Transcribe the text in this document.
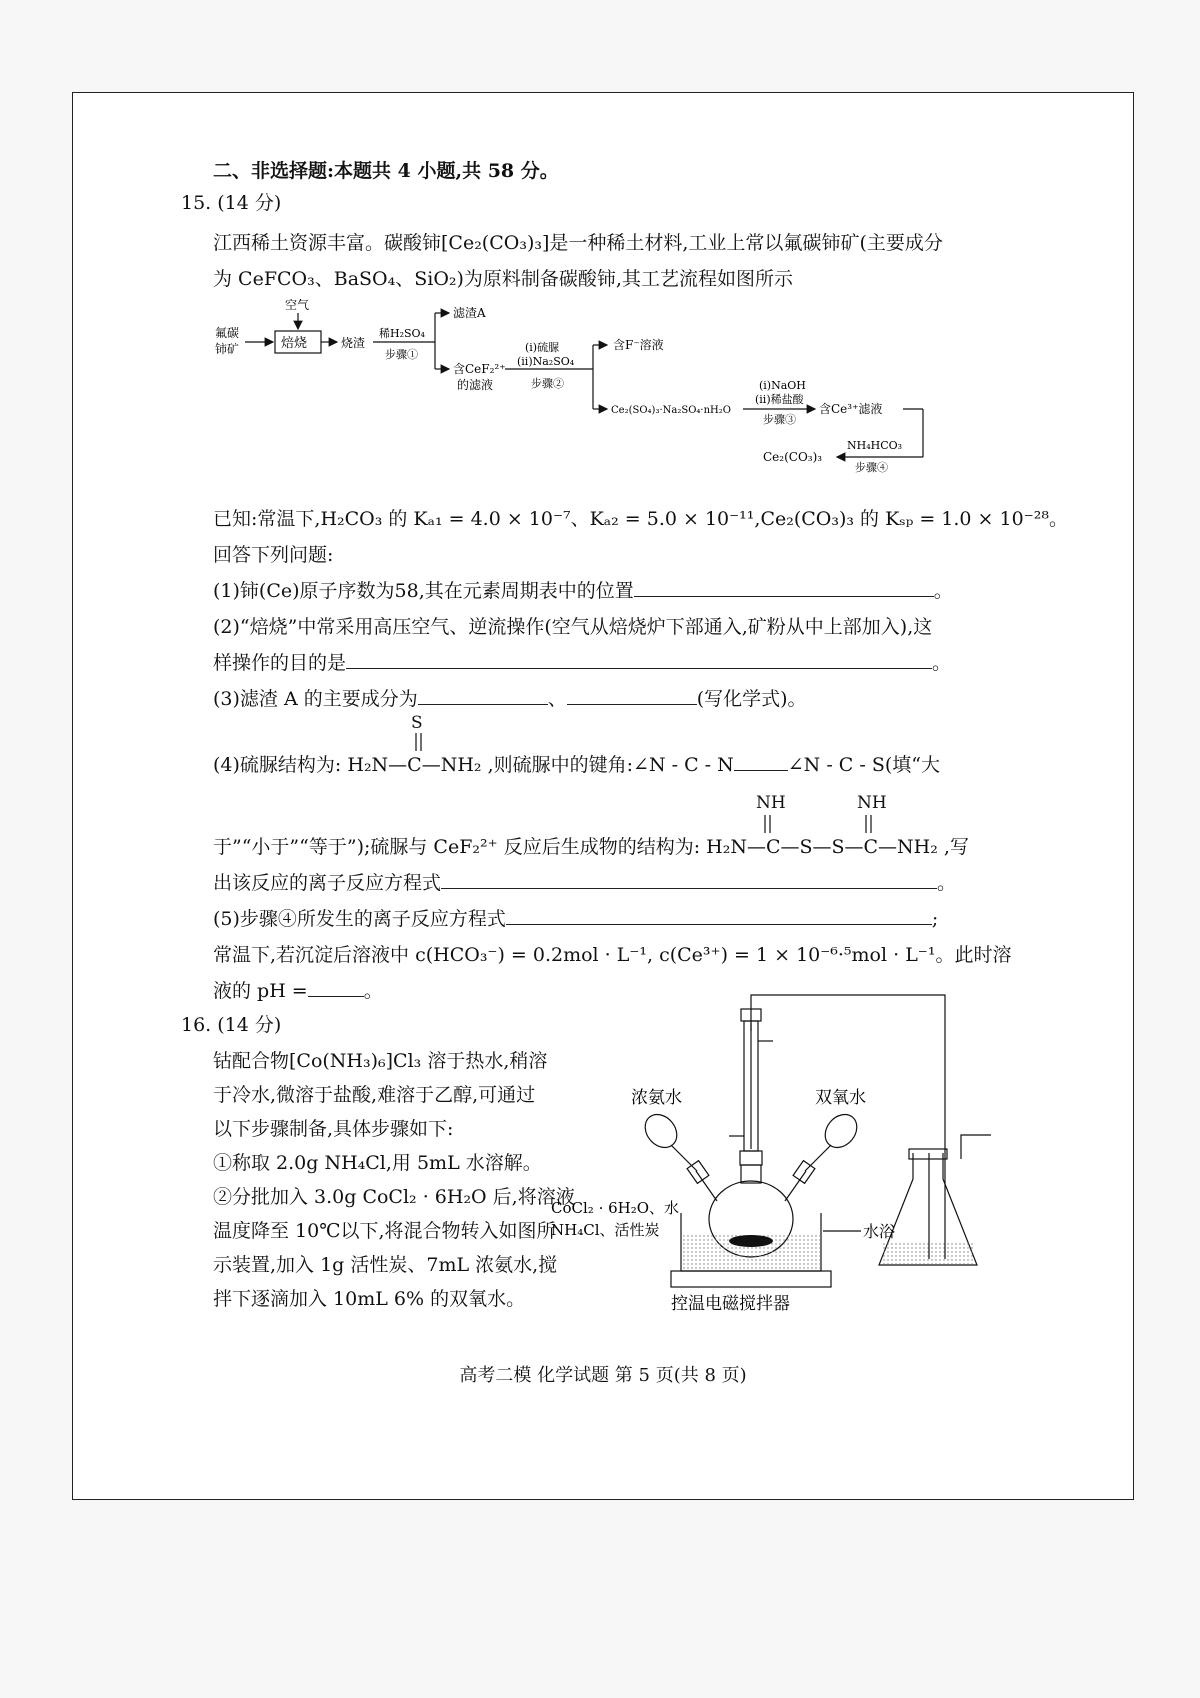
二、非选择题:本题共 4 小题,共 58 分。
15. (14 分)
江西稀土资源丰富。碳酸铈[Ce₂(CO₃)₃]是一种稀土材料,工业上常以氟碳铈矿(主要成分
为 CeFCO₃、BaSO₄、SiO₂)为原料制备碳酸铈,其工艺流程如图所示
氟碳
铈矿
空气
焙烧	烧渣
稀H₂SO₄
步骤①
滤渣A
含CeF₂²⁺
的滤液
(i)硫脲
(ii)Na₂SO₄
步骤②
含F⁻溶液
Ce₂(SO₄)₃·Na₂SO₄·nH₂O
(i)NaOH
(ii)稀盐酸
步骤③
含Ce³⁺滤液
NH₄HCO₃
步骤④
Ce₂(CO₃)₃
已知:常温下,H₂CO₃ 的 Kₐ₁ = 4.0 × 10⁻⁷、Kₐ₂ = 5.0 × 10⁻¹¹,Ce₂(CO₃)₃ 的 Kₛₚ = 1.0 × 10⁻²⁸。
回答下列问题:
(1)铈(Ce)原子序数为58,其在元素周期表中的位置	。
(2)“焙烧”中常采用高压空气、逆流操作(空气从焙烧炉下部通入,矿粉从中上部加入),这
样操作的目的是	。
(3)滤渣 A 的主要成分为	、	(写化学式)。
S
(4)硫脲结构为: H₂N—C—NH₂ ,则硫脲中的键角:∠N - C - N	∠N - C - S(填“大
NH	NH
于”“小于”“等于”);硫脲与 CeF₂²⁺ 反应后生成物的结构为: H₂N—C—S—S—C—NH₂ ,写
出该反应的离子反应方程式	。
(5)步骤④所发生的离子反应方程式	;
常温下,若沉淀后溶液中 c(HCO₃⁻) = 0.2mol · L⁻¹, c(Ce³⁺) = 1 × 10⁻⁶·⁵mol · L⁻¹。此时溶
液的 pH =	。
16. (14 分)
钴配合物[Co(NH₃)₆]Cl₃ 溶于热水,稍溶
于冷水,微溶于盐酸,难溶于乙醇,可通过
以下步骤制备,具体步骤如下:
①称取 2.0g NH₄Cl,用 5mL 水溶解。
②分批加入 3.0g CoCl₂ · 6H₂O 后,将溶液
温度降至 10℃以下,将混合物转入如图所
示装置,加入 1g 活性炭、7mL 浓氨水,搅
拌下逐滴加入 10mL 6% 的双氧水。
浓氨水	双氧水
CoCl₂ · 6H₂O、水
NH₄Cl、活性炭	水浴
控温电磁搅拌器
高考二模 化学试题 第 5 页(共 8 页)
